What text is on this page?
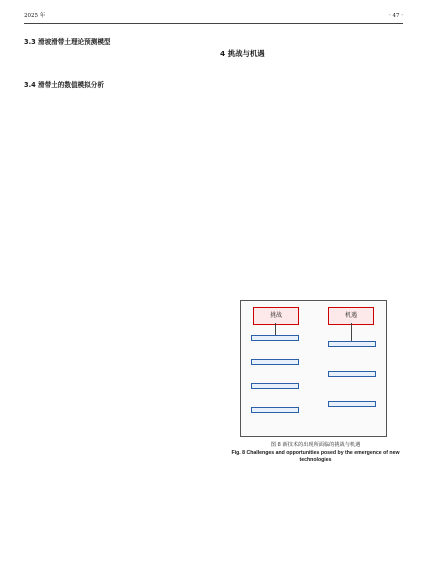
2025 年	· 47 ·
3.3 滑坡滑带土理论预测模型
3.4 滑带土的数值模拟分析
4 挑战与机遇
挑战	机遇
图 8 新技术的出现所面临的挑战与机遇
Fig. 8 Challenges and opportunities posed by the emergence of new technologies
